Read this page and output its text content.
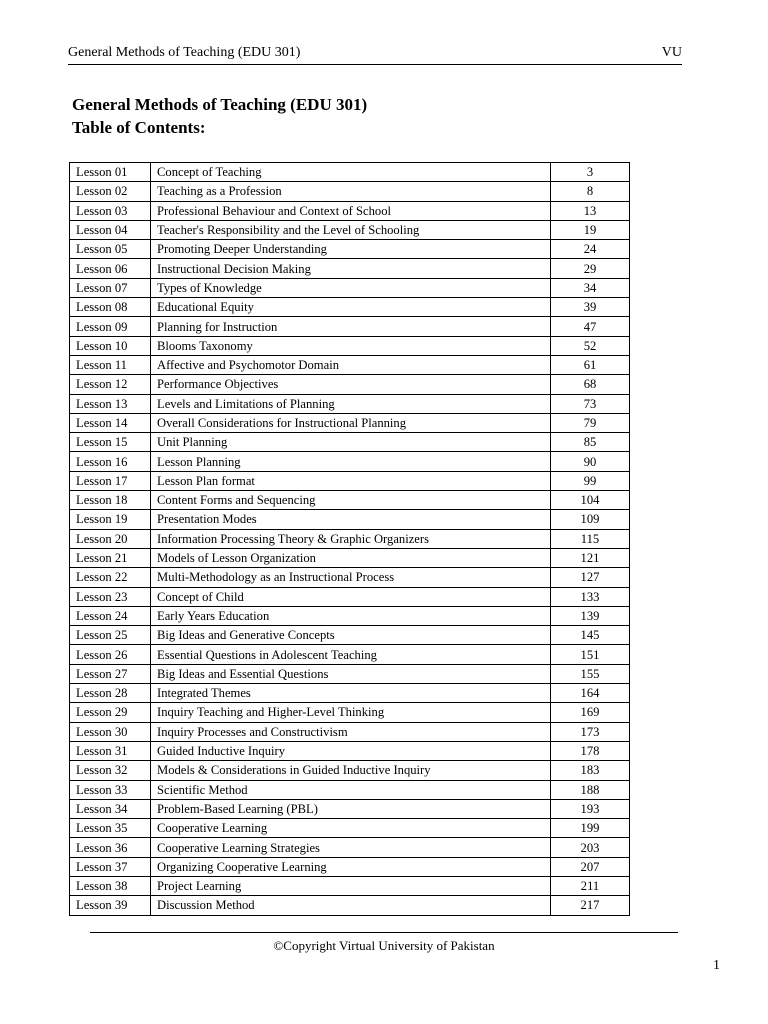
General Methods of Teaching (EDU 301)	VU
General Methods of Teaching (EDU 301)
Table of Contents:
Lesson 01	Concept of Teaching	3
Lesson 02	Teaching as a Profession	8
Lesson 03	Professional Behaviour and Context of School	13
Lesson 04	Teacher's Responsibility and the Level of Schooling	19
Lesson 05	Promoting Deeper Understanding	24
Lesson 06	Instructional Decision Making	29
Lesson 07	Types of Knowledge	34
Lesson 08	Educational Equity	39
Lesson 09	Planning for Instruction	47
Lesson 10	Blooms Taxonomy	52
Lesson 11	Affective and Psychomotor Domain	61
Lesson 12	Performance Objectives	68
Lesson 13	Levels and Limitations of Planning	73
Lesson 14	Overall Considerations for Instructional Planning	79
Lesson 15	Unit Planning	85
Lesson 16	Lesson Planning	90
Lesson 17	Lesson Plan format	99
Lesson 18	Content Forms and Sequencing	104
Lesson 19	Presentation Modes	109
Lesson 20	Information Processing Theory & Graphic Organizers	115
Lesson 21	Models of Lesson Organization	121
Lesson 22	Multi-Methodology as an Instructional Process	127
Lesson 23	Concept of Child	133
Lesson 24	Early Years Education	139
Lesson 25	Big Ideas and Generative Concepts	145
Lesson 26	Essential Questions in Adolescent Teaching	151
Lesson 27	Big Ideas and Essential Questions	155
Lesson 28	Integrated Themes	164
Lesson 29	Inquiry Teaching and Higher-Level Thinking	169
Lesson 30	Inquiry Processes and Constructivism	173
Lesson 31	Guided Inductive Inquiry	178
Lesson 32	Models & Considerations in Guided Inductive Inquiry	183
Lesson 33	Scientific Method	188
Lesson 34	Problem-Based Learning (PBL)	193
Lesson 35	Cooperative Learning	199
Lesson 36	Cooperative Learning Strategies	203
Lesson 37	Organizing Cooperative Learning	207
Lesson 38	Project Learning	211
Lesson 39	Discussion Method	217
©Copyright Virtual University of Pakistan
1
